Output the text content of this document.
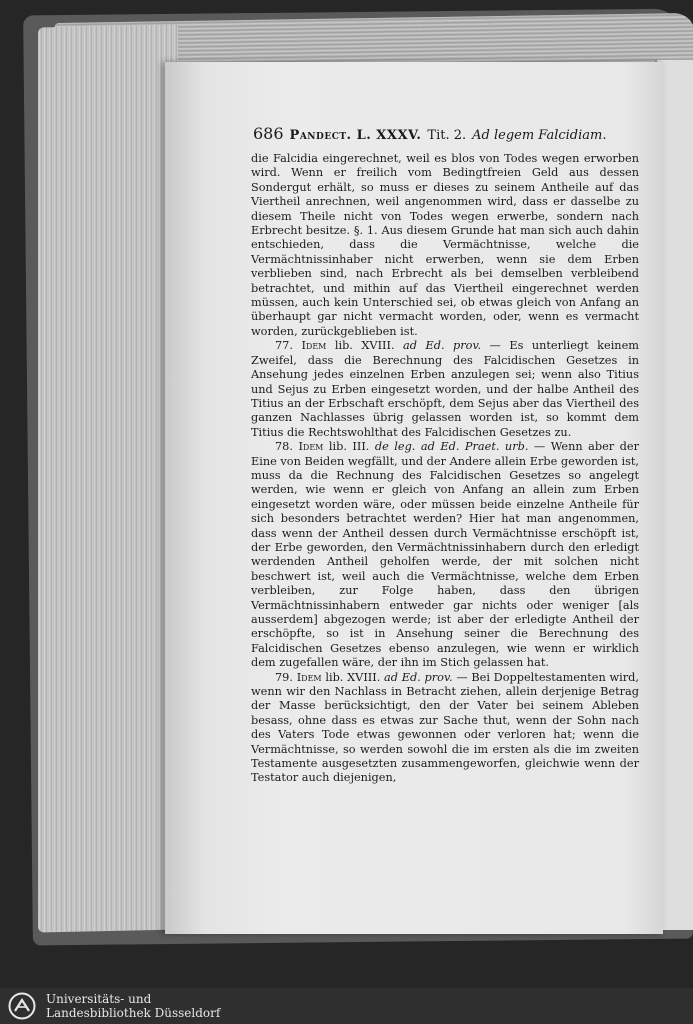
686 Pandect. L. XXXV. Tit. 2. Ad legem Falcidiam.

die Falcidia eingerechnet, weil es blos von Todes wegen erworben wird. Wenn er freilich vom Bedingtfreien Geld aus dessen Sondergut erhält, so muss er dieses zu seinem Antheile auf das Viertheil anrechnen, weil angenommen wird, dass er dasselbe zu diesem Theile nicht von Todes wegen erwerbe, sondern nach Erbrecht besitze. §. 1. Aus diesem Grunde hat man sich auch dahin entschieden, dass die Vermächtnisse, welche die Vermächtnissinhaber nicht erwerben, wenn sie dem Erben verblieben sind, nach Erbrecht als bei demselben verbleibend betrachtet, und mithin auf das Viertheil eingerechnet werden müssen, auch kein Unterschied sei, ob etwas gleich von Anfang an überhaupt gar nicht vermacht worden, oder, wenn es vermacht worden, zurückgeblieben ist.

77. Idem lib. XVIII. ad Ed. prov. — Es unterliegt keinem Zweifel, dass die Berechnung des Falcidischen Gesetzes in Ansehung jedes einzelnen Erben anzulegen sei; wenn also Titius und Sejus zu Erben eingesetzt worden, und der halbe Antheil des Titius an der Erbschaft erschöpft, dem Sejus aber das Viertheil des ganzen Nachlasses übrig gelassen worden ist, so kommt dem Titius die Rechtswohlthat des Falcidischen Gesetzes zu.

78. Idem lib. III. de leg. ad Ed. Praet. urb. — Wenn aber der Eine von Beiden wegfällt, und der Andere allein Erbe geworden ist, muss da die Rechnung des Falcidischen Gesetzes so angelegt werden, wie wenn er gleich von Anfang an allein zum Erben eingesetzt worden wäre, oder müssen beide einzelne Antheile für sich besonders betrachtet werden? Hier hat man angenommen, dass wenn der Antheil dessen durch Vermächtnisse erschöpft ist, der Erbe geworden, den Vermächtnissinhabern durch den erledigt werdenden Antheil geholfen werde, der mit solchen nicht beschwert ist, weil auch die Vermächtnisse, welche dem Erben verbleiben, zur Folge haben, dass den übrigen Vermächtnissinhabern entweder gar nichts oder weniger [als ausserdem] abgezogen werde; ist aber der erledigte Antheil der erschöpfte, so ist in Ansehung seiner die Berechnung des Falcidischen Gesetzes ebenso anzulegen, wie wenn er wirklich dem zugefallen wäre, der ihn im Stich gelassen hat.

79. Idem lib. XVIII. ad Ed. prov. — Bei Doppeltestamenten wird, wenn wir den Nachlass in Betracht ziehen, allein derjenige Betrag der Masse berücksichtigt, den der Vater bei seinem Ableben besass, ohne dass es etwas zur Sache thut, wenn der Sohn nach des Vaters Tode etwas gewonnen oder verloren hat; wenn die Vermächtnisse, so werden sowohl die im ersten als die im zweiten Testamente ausgesetzten zusammengeworfen, gleichwie wenn der Testator auch diejenigen,

Universitäts- und
Landesbibliothek Düsseldorf
